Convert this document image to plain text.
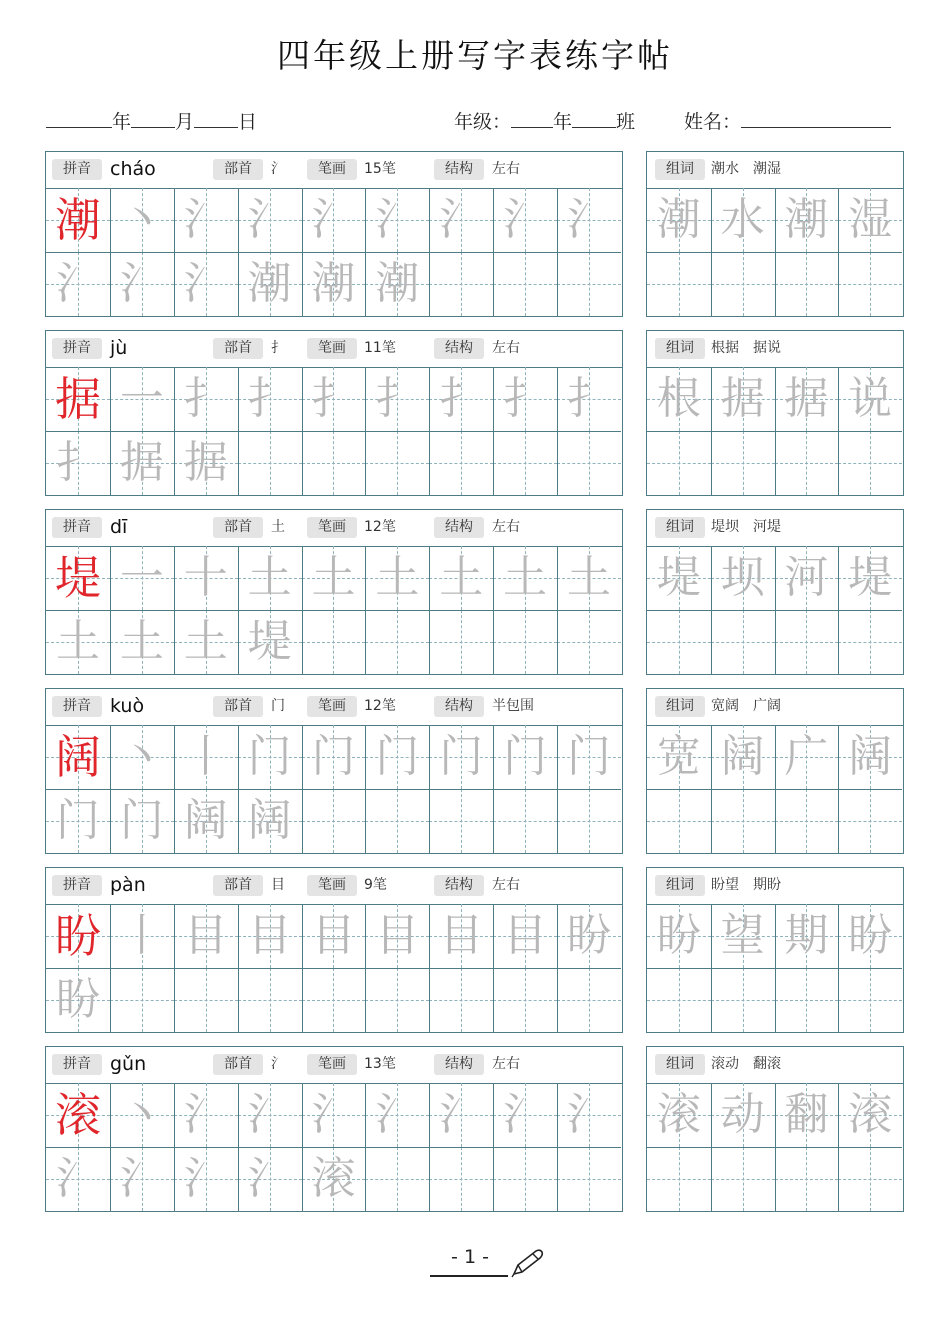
四年级上册写字表练字帖
年 月 日	年级： 年 班	姓名：
拼音	cháo	部首	氵	笔画	15笔	结构	左右
潮 丶 氵 氵 氵 氵 氵 氵 氵
氵 氵 氵 潮 潮 潮
组词	潮水　潮湿
潮 水 潮 湿
拼音	jù	部首	扌	笔画	11笔	结构	左右
据 一 扌 扌 扌 扌 扌 扌 扌
扌 据 据
组词	根据　据说
根 据 据 说
拼音	dī	部首	土	笔画	12笔	结构	左右
堤 一 十 土 土 土 土 土 土
土 土 土 堤
组词	堤坝　河堤
堤 坝 河 堤
拼音	kuò	部首	门	笔画	12笔	结构	半包围
阔 丶 丨 门 门 门 门 门 门
门 门 阔 阔
组词	宽阔　广阔
宽 阔 广 阔
拼音	pàn	部首	目	笔画	9笔	结构	左右
盼 丨 目 目 目 目 目 目 盼
盼
组词	盼望　期盼
盼 望 期 盼
拼音	gǔn	部首	氵	笔画	13笔	结构	左右
滚 丶 氵 氵 氵 氵 氵 氵 氵
氵 氵 氵 氵 滚
组词	滚动　翻滚
滚 动 翻 滚
- 1 -
